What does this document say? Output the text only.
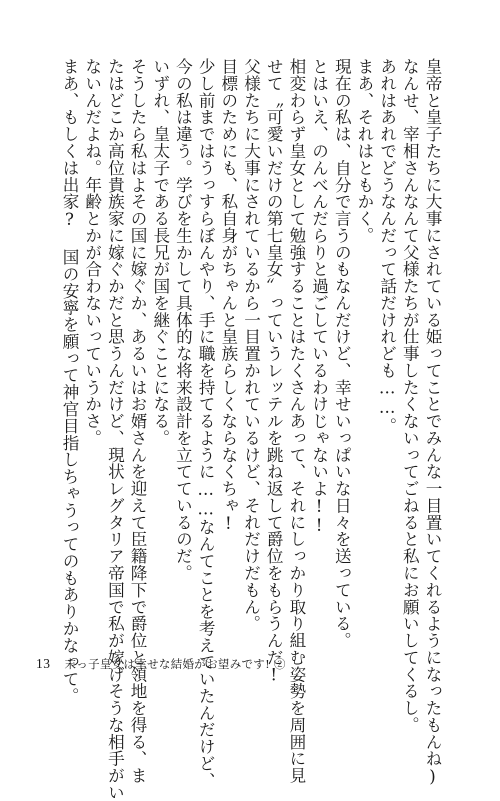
皇帝と皇子たちに大事にされている姫ってことでみんな一目置いてくれるようになったもんね)
なんせ、宰相さんなんて父様たちが仕事したくないってごねると私にお願いしてくるし。
あれはあれでどうなんだって話だけれども……。
まあ、それはともかく。
現在の私は、自分で言うのもなんだけど、幸せいっぱいな日々を送っている。
とはいえ、のんべんだらりと過ごしているわけじゃないよ!!
相変わらず皇女として勉強することはたくさんあって、それにしっかり取り組む姿勢を周囲に見
せて〝可愛いだけの第七皇女〟っていうレッテルを跳ね返して爵位をもらうんだ!
父様たちに大事にされているから一目置かれているけど、それだけだもん。
目標のためにも、私自身がちゃんと皇族らしくならなくちゃ!
少し前まではうっすらぼんやり、手に職を持てるように……なんてことを考えていたんだけど、
今の私は違う。学びを生かして具体的な将来設計を立てているのだ。
いずれ、皇太子である長兄が国を継ぐことになる。
そうしたら私はよその国に嫁ぐか、あるいはお婿さんを迎えて臣籍降下で爵位と領地を得る、ま
たはどこか高位貴族家に嫁ぐかだと思うんだけど、現状レグタリア帝国で私が嫁げそうな相手がい
ないんだよね。年齢とかが合わないっていうかさ。
まあ、もしくは出家? 国の安寧を願って神官目指しちゃうってのもありかなって。
13 末っ子皇女は幸せな結婚がお望みです! ②
